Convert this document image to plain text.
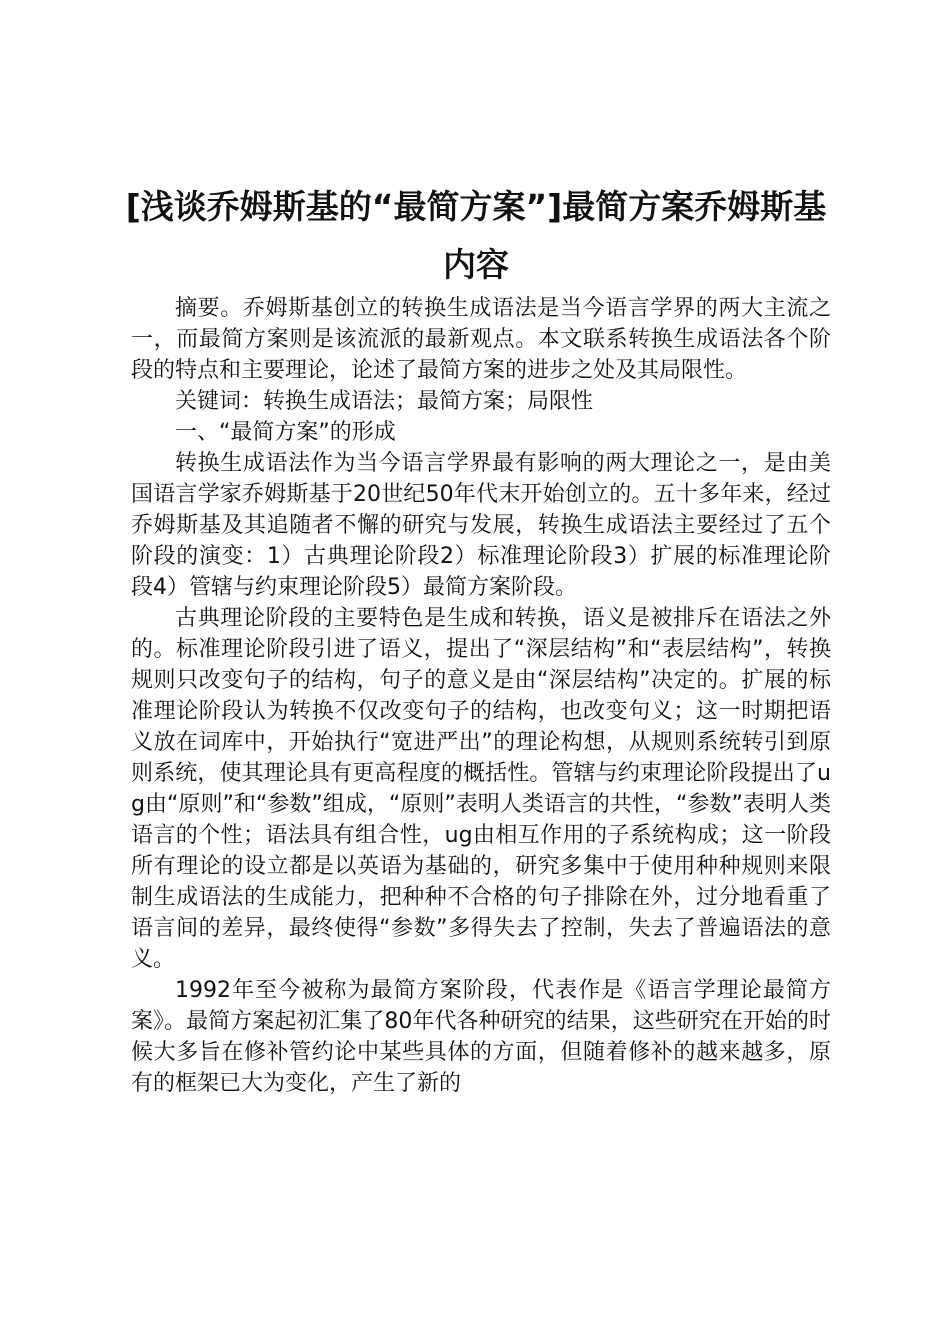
[浅谈乔姆斯基的“最简方案”]最简方案乔姆斯基内容

摘要。乔姆斯基创立的转换生成语法是当今语言学界的两大主流之一，而最简方案则是该流派的最新观点。本文联系转换生成语法各个阶段的特点和主要理论，论述了最简方案的进步之处及其局限性。

关键词：转换生成语法；最简方案；局限性

一、“最简方案”的形成

转换生成语法作为当今语言学界最有影响的两大理论之一，是由美国语言学家乔姆斯基于20世纪50年代末开始创立的。五十多年来，经过乔姆斯基及其追随者不懈的研究与发展，转换生成语法主要经过了五个阶段的演变：1）古典理论阶段2）标准理论阶段3）扩展的标准理论阶段4）管辖与约束理论阶段5）最简方案阶段。

古典理论阶段的主要特色是生成和转换，语义是被排斥在语法之外的。标准理论阶段引进了语义，提出了“深层结构”和“表层结构”，转换规则只改变句子的结构，句子的意义是由“深层结构”决定的。扩展的标准理论阶段认为转换不仅改变句子的结构，也改变句义；这一时期把语义放在词库中，开始执行“宽进严出”的理论构想，从规则系统转引到原则系统，使其理论具有更高程度的概括性。管辖与约束理论阶段提出了ug由“原则”和“参数”组成，“原则”表明人类语言的共性，“参数”表明人类语言的个性；语法具有组合性，ug由相互作用的子系统构成；这一阶段所有理论的设立都是以英语为基础的，研究多集中于使用种种规则来限制生成语法的生成能力，把种种不合格的句子排除在外，过分地看重了语言间的差异，最终使得“参数”多得失去了控制，失去了普遍语法的意义。

1992年至今被称为最简方案阶段，代表作是《语言学理论最简方案》。最简方案起初汇集了80年代各种研究的结果，这些研究在开始的时候大多旨在修补管约论中某些具体的方面，但随着修补的越来越多，原有的框架已大为变化，产生了新的
